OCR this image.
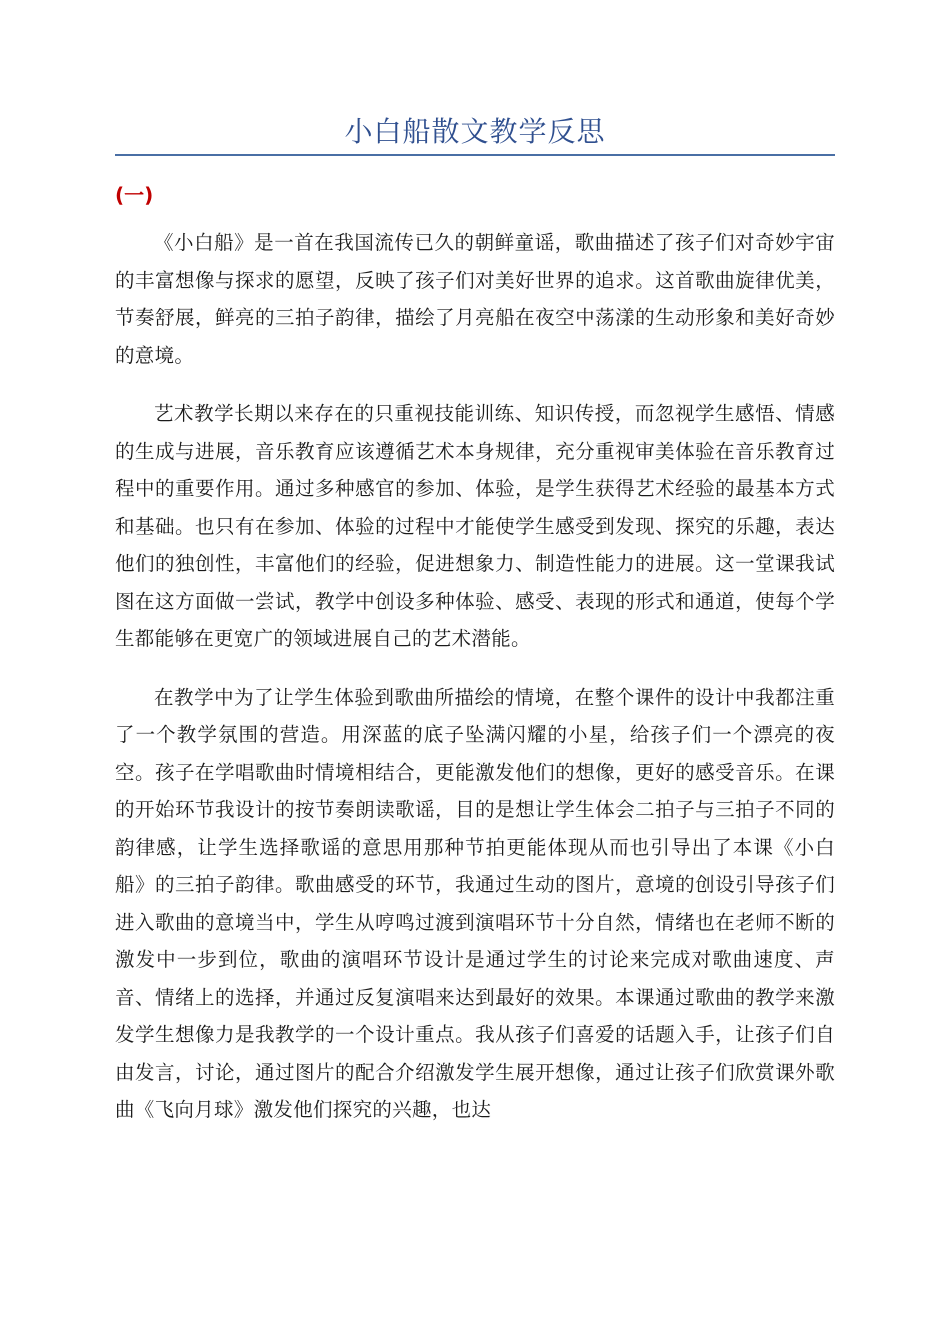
小白船散文教学反思
(一)

《小白船》是一首在我国流传已久的朝鲜童谣，歌曲描述了孩子们对奇妙宇宙的丰富想像与探求的愿望，反映了孩子们对美好世界的追求。这首歌曲旋律优美，节奏舒展，鲜亮的三拍子韵律，描绘了月亮船在夜空中荡漾的生动形象和美好奇妙的意境。

艺术教学长期以来存在的只重视技能训练、知识传授，而忽视学生感悟、情感的生成与进展，音乐教育应该遵循艺术本身规律，充分重视审美体验在音乐教育过程中的重要作用。通过多种感官的参加、体验，是学生获得艺术经验的最基本方式和基础。也只有在参加、体验的过程中才能使学生感受到发现、探究的乐趣，表达他们的独创性，丰富他们的经验，促进想象力、制造性能力的进展。这一堂课我试图在这方面做一尝试，教学中创设多种体验、感受、表现的形式和通道，使每个学生都能够在更宽广的领域进展自己的艺术潜能。

在教学中为了让学生体验到歌曲所描绘的情境，在整个课件的设计中我都注重了一个教学氛围的营造。用深蓝的底子坠满闪耀的小星，给孩子们一个漂亮的夜空。孩子在学唱歌曲时情境相结合，更能激发他们的想像，更好的感受音乐。在课的开始环节我设计的按节奏朗读歌谣，目的是想让学生体会二拍子与三拍子不同的韵律感，让学生选择歌谣的意思用那种节拍更能体现从而也引导出了本课《小白船》的三拍子韵律。歌曲感受的环节，我通过生动的图片，意境的创设引导孩子们进入歌曲的意境当中，学生从哼鸣过渡到演唱环节十分自然，情绪也在老师不断的激发中一步到位，歌曲的演唱环节设计是通过学生的讨论来完成对歌曲速度、声音、情绪上的选择，并通过反复演唱来达到最好的效果。本课通过歌曲的教学来激发学生想像力是我教学的一个设计重点。我从孩子们喜爱的话题入手，让孩子们自由发言，讨论，通过图片的配合介绍激发学生展开想像，通过让孩子们欣赏课外歌曲《飞向月球》激发他们探究的兴趣，也达
